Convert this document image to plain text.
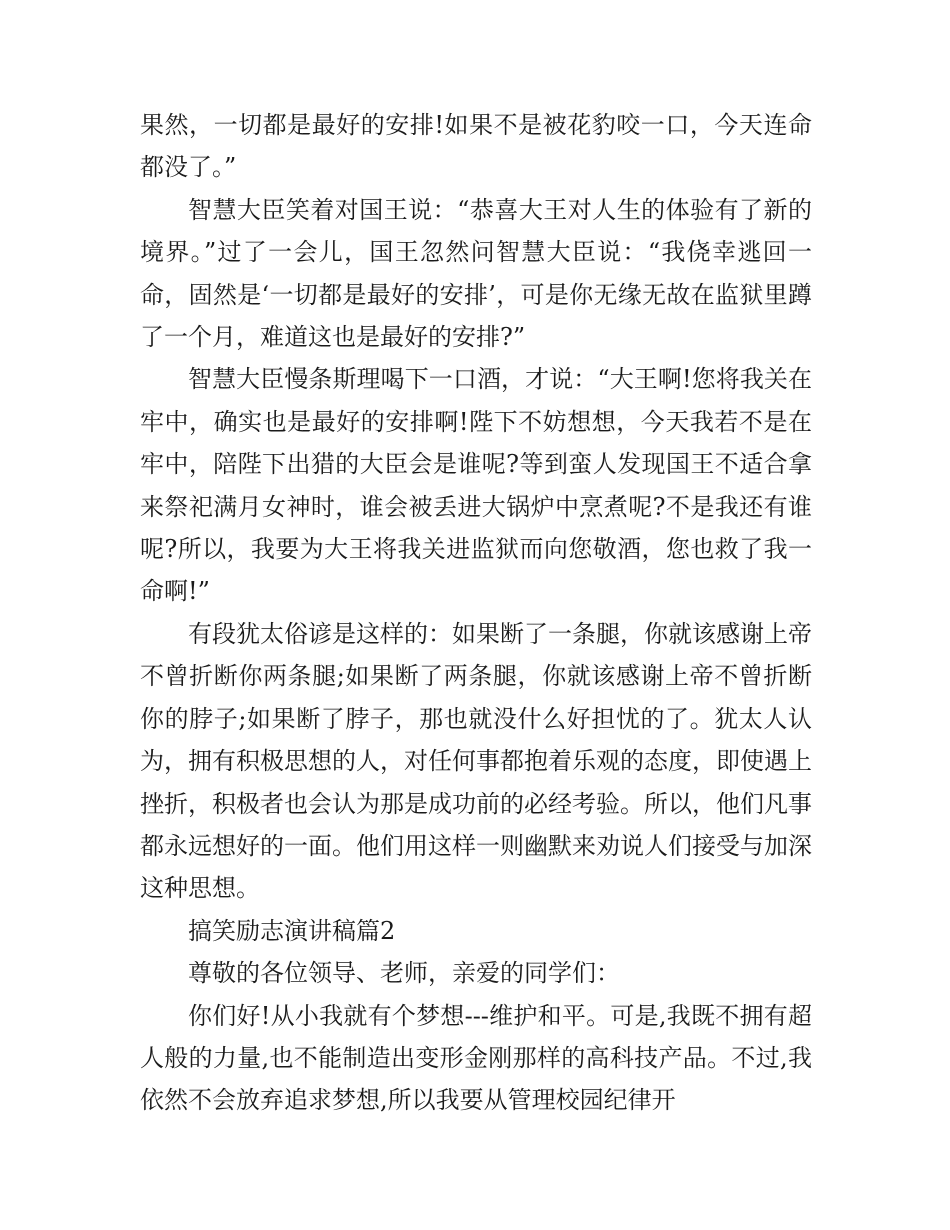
果然，一切都是最好的安排!如果不是被花豹咬一口，今天连命都没了。”

智慧大臣笑着对国王说：“恭喜大王对人生的体验有了新的境界。”过了一会儿，国王忽然问智慧大臣说：“我侥幸逃回一命，固然是‘一切都是最好的安排’，可是你无缘无故在监狱里蹲了一个月，难道这也是最好的安排?”

智慧大臣慢条斯理喝下一口酒，才说：“大王啊!您将我关在牢中，确实也是最好的安排啊!陛下不妨想想，今天我若不是在牢中，陪陛下出猎的大臣会是谁呢?等到蛮人发现国王不适合拿来祭祀满月女神时，谁会被丢进大锅炉中烹煮呢?不是我还有谁呢?所以，我要为大王将我关进监狱而向您敬酒，您也救了我一命啊!”

有段犹太俗谚是这样的：如果断了一条腿，你就该感谢上帝不曾折断你两条腿;如果断了两条腿，你就该感谢上帝不曾折断你的脖子;如果断了脖子，那也就没什么好担忧的了。犹太人认为，拥有积极思想的人，对任何事都抱着乐观的态度，即使遇上挫折，积极者也会认为那是成功前的必经考验。所以，他们凡事都永远想好的一面。他们用这样一则幽默来劝说人们接受与加深这种思想。

搞笑励志演讲稿篇2

尊敬的各位领导、老师，亲爱的同学们：

你们好!从小我就有个梦想---维护和平。可是,我既不拥有超人般的力量,也不能制造出变形金刚那样的高科技产品。不过,我依然不会放弃追求梦想,所以我要从管理校园纪律开
